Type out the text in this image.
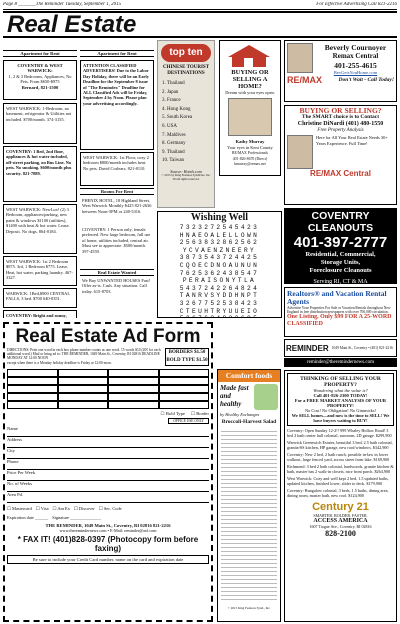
Page 8 _______The Reminder Tuesday, September 1, 2015	For Effective Advertising Call 821-2216
Real Estate
Apartment for Rent
COVENTRY & WEST WARWICK:
1, 2 & 3 Bedrooms, Appliances, No Pets. From $650-$975
Bernard, 821-1500
WEST WARWICK: 1-Bedroom, no basement, refrigerator & Utilities not included. $700/month. 374-3155.
COVENTRY: 1 Bed, 2nd floor, appliances & hot water included, off-street parking, on Bus Line. No pets. No smoking. $600/month plus security. 821-7889.
WEST WARWICK: NewLux! (2) 3 Bedroom, appliances/parking, new paint & windows $1100 (utilities), $1400 with heat & hot water. Lease. Deposit. No dogs. 864-0184.
WEST WARWICK: 1st 2 Bedroom $875. 3rd, 1 Bedroom $775. Lease, Heat, hot water, parking laundry. 467-3327.
WARWICK: 1Bed,$900 CENTRAL FALLS, 3 bed. $700 640-0351.
COVENTRY: Bright and sunny,
Apartment for Rent
ATTENTION CLASSIFIED ADVERTISERS! Due to the Labor Day Holiday, there will be an Early Deadline for the September 8 issue of "The Reminder." Deadline for ALL Classified Ads will be Friday, September 4 by Noon. Please plan your advertising accordingly.
WEST WARWICK: 1st Floor, cozy 2 bedroom $800/month includes heat. No pets. David Corlears. 821-8110.
Rooms For Rent
PHENIX HOTEL, 18 Highland Street, West Warwick Monthly $425 821-2636 between Noon-5PM or 240-5316.
COVENTRY: 1 Person only, female preferred. New large bedroom, full use of home, utilities included, central air. Must see to appreciate. $500/month. 397-4559.
Real Estate Wanted
We Buy UNWANTED HOUSES Fast! Offer as-is. Cash. Any situation. Call today. 615-8703.
top ten
CHINESE TOURIST DESTINATIONS
1. Thailand
2. Japan
3. France
4. Hong Kong
5. South Korea
6. USA
7. Maldives
8. Germany
9. Thailand
10. Taiwan
Source: Hotels.com
© 2015 by King Features Syndicate, Inc. World rights reserved.
BUYING OR SELLING A HOME?
Dream with your eyes open.
Kathy Murray
Your eyes in Kent County
RE/MAX Professionals
401-826-8670 (Direct)
kmurray@remax.net
Beverly Cournoyer
Remax Central
401-255-4615
BevGetsYouHome.com
RE/MAX	Don't Wait - Call Today!
BUYING OR SELLING?
The SMART choice is to Contact
Christine DiNardi (401) 480-1550
Free Property Analysis
Here for All Your Real Estate Needs 30+ Years Experience. Full Time!
RE/MAX Central
Wishing Well
7323272545423
HNAEOALELLOWN
2563832862562
YCVAENZNEERY
3873543724425
CQOECDNOAUNUN
7625362438547
PERAISONYTLA
5437242264824
TANRVSYDDHNPT
3267752538423
CTEUHTRYUUEIO
COVENTRY CLEANOUTS
401-397-2777
Residential, Commercial,
Storage Units,
Foreclosure Cleanouts
Serving RI, CT & MA
Realtors® and Vacation Rental Agents
Advertise Your Properties For Sale or Vacation Rentals throughout New England in free distribution newspapers with over 700,000 circulation.
One Listing, Only $99 FOR A 25-WORD CLASSIFIED
REMINDER 1049 Main St., Coventry • (401) 821-2216
reminder@theremindernews.com
Real Estate Ad Form
DIRECTIONS: Print one word in each box phone number counts as one word. 15 words $10 (20¢ for each additional word.) Mail or bring ad to: THE REMINDER, 1049 Main St., Coventry, RI 02816 DEADLINE MONDAY AT 12:00 NOON
except when there is a Monday holiday deadline is Friday at 12:00 noon.
BORDERS $1.50
BOLD TYPE $1.50
☐ Bold Type ☐ Border
OFFICE USE ONLY
Name
Address
City
Phone
Price Per Week
No. of Weeks
Area Pd.
☐ Mastercard ☐ Visa ☐ Am Ex ☐ Discover ☐ Sec. Code
Expiration date ______ Signature ______________
THE REMINDER, 1049 Main St., Coventry, RI 02816 821-2216
www.theremindernews.com • E-Mail: reminder@aol.com
* FAX IT! (401)828-0397 (Photocopy form before faxing)
Be sure to include your Credit Card number, name on the card and expiration date
Comfort foods
Made fast and healthy
by Healthy Exchanges
Broccoli-Harvest Salad
© 2015 King Features Synd., Inc.
THINKING OF SELLING YOUR PROPERTY?
Wondering what the value is?
Call 401-826-2300 TODAY!
For a FREE MARKET ANALYSIS OF YOUR PROPERTY!
No Cost! No Obligation! No Gimmicks!
We SELL homes....and now is the time to SELL! We have buyers waiting to BUY!
Coventry: Open Sunday 12-2!! 999 Whaley Hollow Road! 3 bed 2 bath center hall colonial, sunroom, 2D garage. $299,900
Warwick Greenwich Estates, beautiful 3 bed, 2.5 bath colonial, granite/SS kitchen, HP garage, new roof/windows. $342,900
Coventry: New 2 bed, 2 bath ranch, possible in-law in lower walkout, large fenced yard, across street from lake. $169,900
Richmond: 3 bed 2 bath colonial, hardwoods, granite kitchen & bath, master has 2 walk-in closets, nice front porch. $264,900
West Warwick: Cozy and well kept 2 bed, 1.5 updated baths, updated kitchen, finished lower, slider to deck. $179,900
Coventry: Bungalow colonial, 3 beds, 1.5 baths, dining area, dining room, master bath, new roof. $124,900
Century 21
SMARTER. BOLDER. FASTER.
ACCESS AMERICA
1607 Tiogue Ave., Coventry, RI 02816
828-2100
